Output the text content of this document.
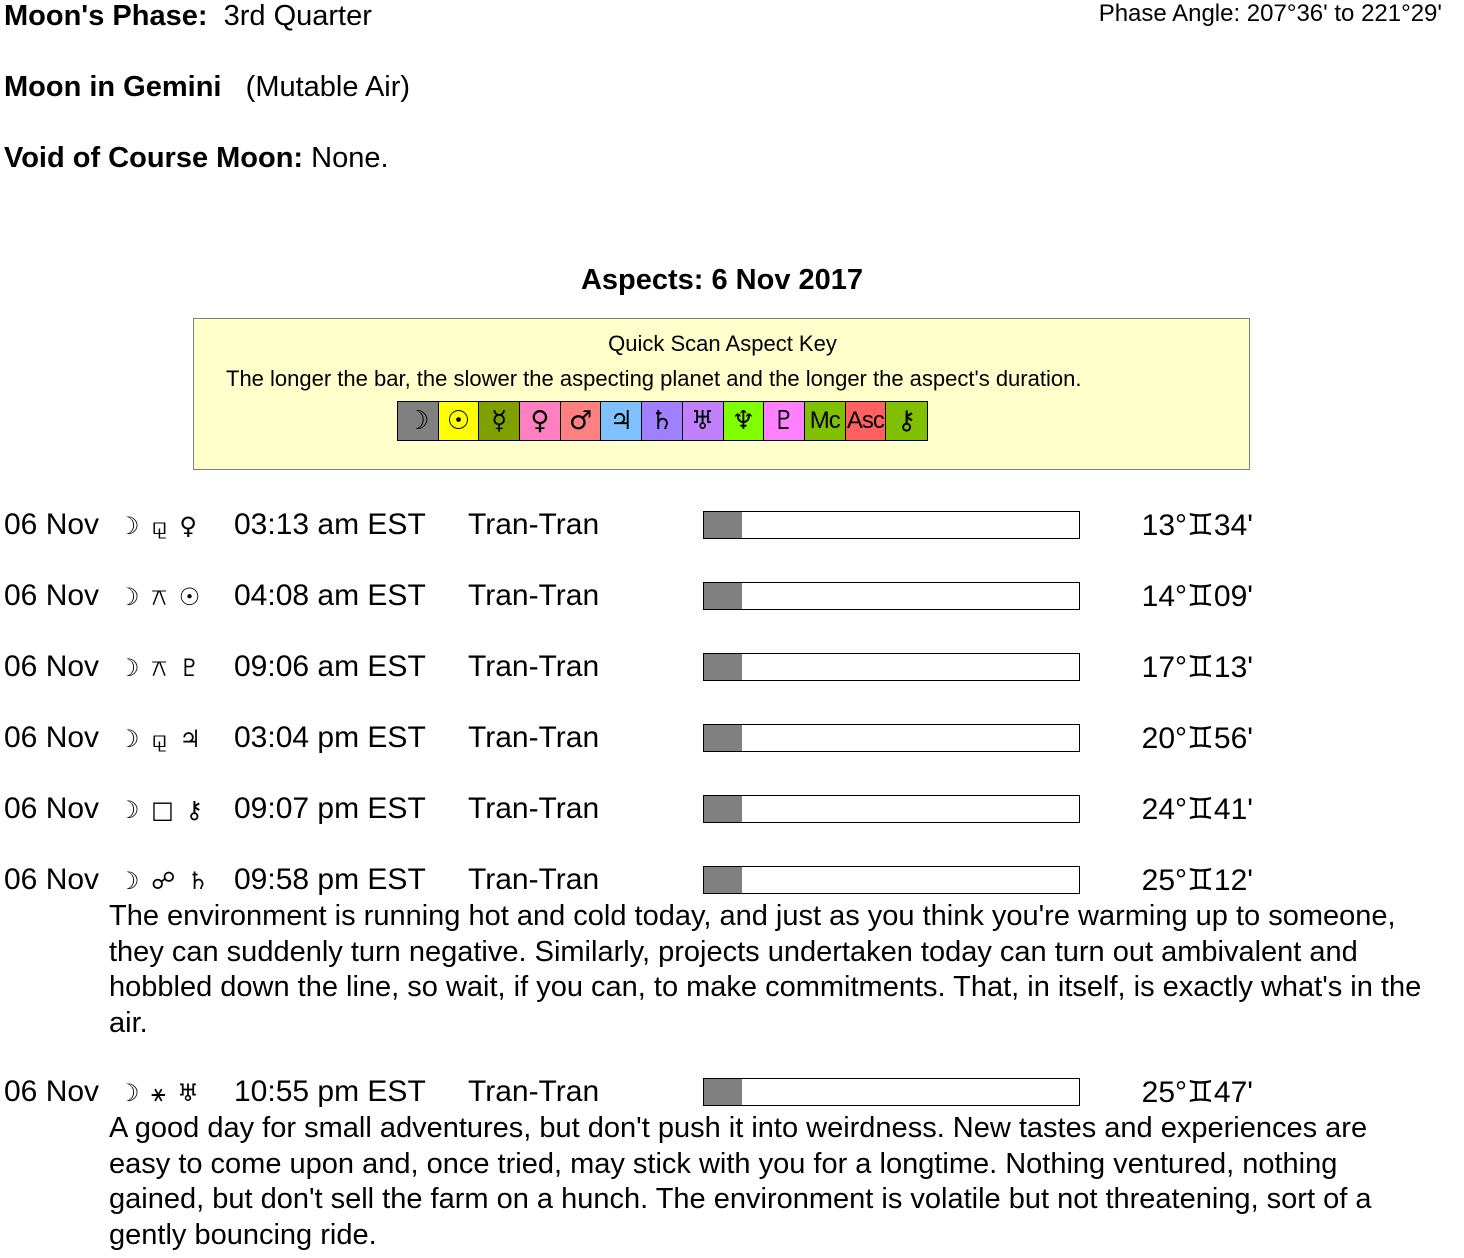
Moon's Phase: 3rd Quarter	Phase Angle: 207°36' to 221°29'
Moon in Gemini (Mutable Air)
Void of Course Moon: None.
Aspects: 6 Nov 2017
Quick Scan Aspect Key
The longer the bar, the slower the aspecting planet and the longer the aspect's duration.
☽ ☉ ☿ ♀ ♂ ♃ ♄ ♅ ♆ ♇ Mc Asc ⚷
06 Nov ☽ ⚼ ♀ 03:13 am EST Tran-Tran	13°♊34'
06 Nov ☽ ⚻ ☉ 04:08 am EST Tran-Tran	14°♊09'
06 Nov ☽ ⚻ ♇ 09:06 am EST Tran-Tran	17°♊13'
06 Nov ☽ ⚼ ♃ 03:04 pm EST Tran-Tran	20°♊56'
06 Nov ☽ □ ⚷ 09:07 pm EST Tran-Tran	24°♊41'
06 Nov ☽ ☍ ♄ 09:58 pm EST Tran-Tran	25°♊12'
The environment is running hot and cold today, and just as you think you're warming up to someone, they can suddenly turn negative. Similarly, projects undertaken today can turn out ambivalent and hobbled down the line, so wait, if you can, to make commitments. That, in itself, is exactly what's in the air.
06 Nov ☽ ⚹ ♅ 10:55 pm EST Tran-Tran	25°♊47'
A good day for small adventures, but don't push it into weirdness. New tastes and experiences are easy to come upon and, once tried, may stick with you for a longtime. Nothing ventured, nothing gained, but don't sell the farm on a hunch. The environment is volatile but not threatening, sort of a gently bouncing ride.
